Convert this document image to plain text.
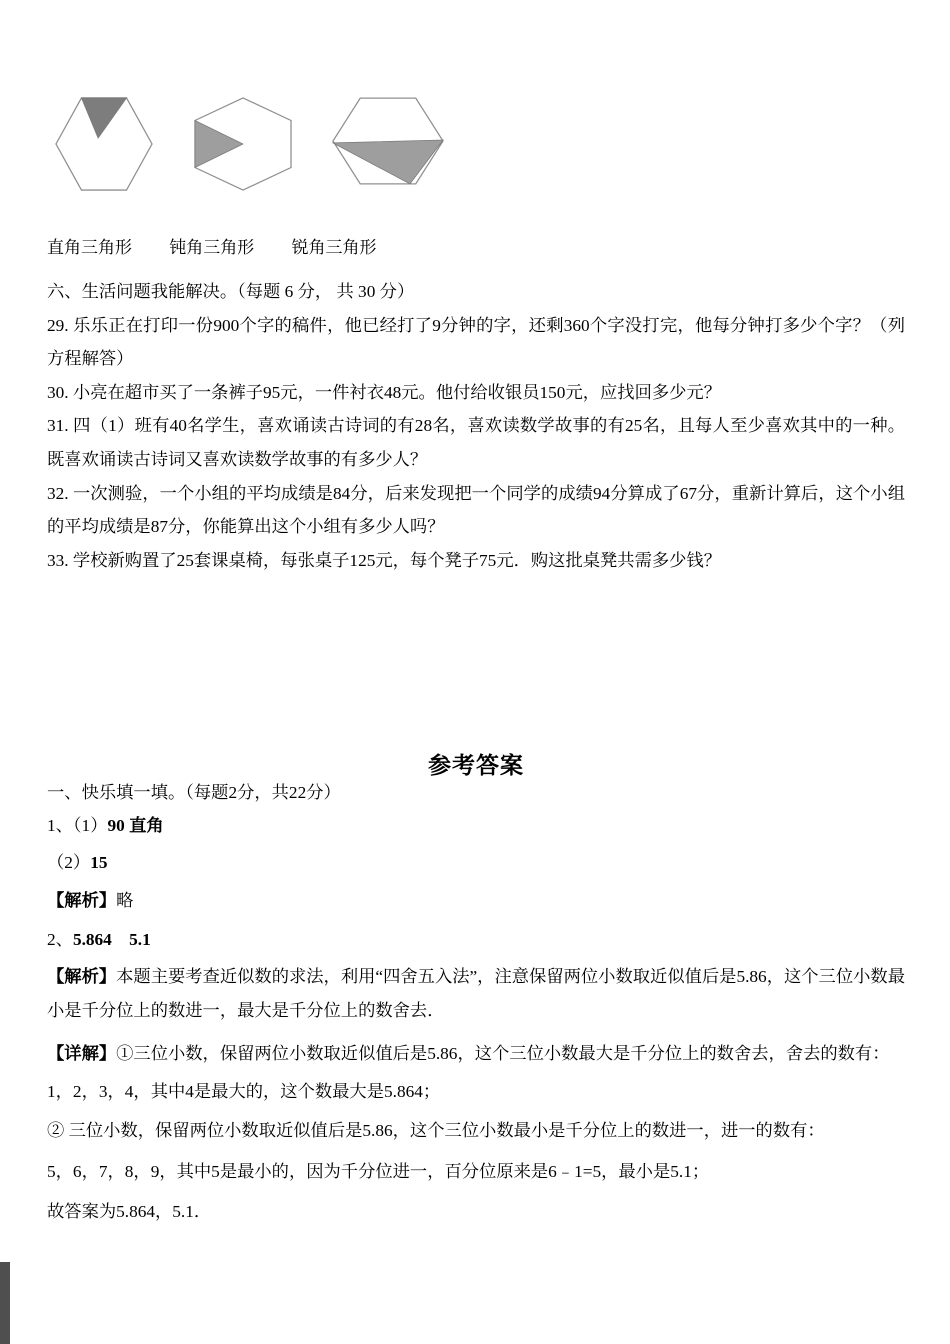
直角三角形 钝角三角形 锐角三角形

六、生活问题我能解决。（每题 6 分， 共 30 分）

29. 乐乐正在打印一份900个字的稿件，他已经打了9分钟的字，还剩360个字没打完，他每分钟打多少个字？（列方程解答）

30. 小亮在超市买了一条裤子95元，一件衬衣48元。他付给收银员150元，应找回多少元？

31. 四（1）班有40名学生，喜欢诵读古诗词的有28名，喜欢读数学故事的有25名，且每人至少喜欢其中的一种。既喜欢诵读古诗词又喜欢读数学故事的有多少人？

32. 一次测验，一个小组的平均成绩是84分，后来发现把一个同学的成绩94分算成了67分，重新计算后，这个小组的平均成绩是87分，你能算出这个小组有多少人吗？

33. 学校新购置了25套课桌椅，每张桌子125元，每个凳子75元．购这批桌凳共需多少钱？

参考答案

一、快乐填一填。（每题2分，共22分）

1、（1）90 直角

（2）15

【解析】略

2、5.864　5.1

【解析】本题主要考查近似数的求法，利用“四舍五入法”，注意保留两位小数取近似值后是5.86，这个三位小数最小是千分位上的数进一，最大是千分位上的数舍去．

【详解】①三位小数，保留两位小数取近似值后是5.86，这个三位小数最大是千分位上的数舍去，舍去的数有：

1，2，3，4，其中4是最大的，这个数最大是5.864；

② 三位小数，保留两位小数取近似值后是5.86，这个三位小数最小是千分位上的数进一，进一的数有：

5，6，7，8，9，其中5是最小的，因为千分位进一，百分位原来是6﹣1=5，最小是5.1；

故答案为5.864，5.1．
